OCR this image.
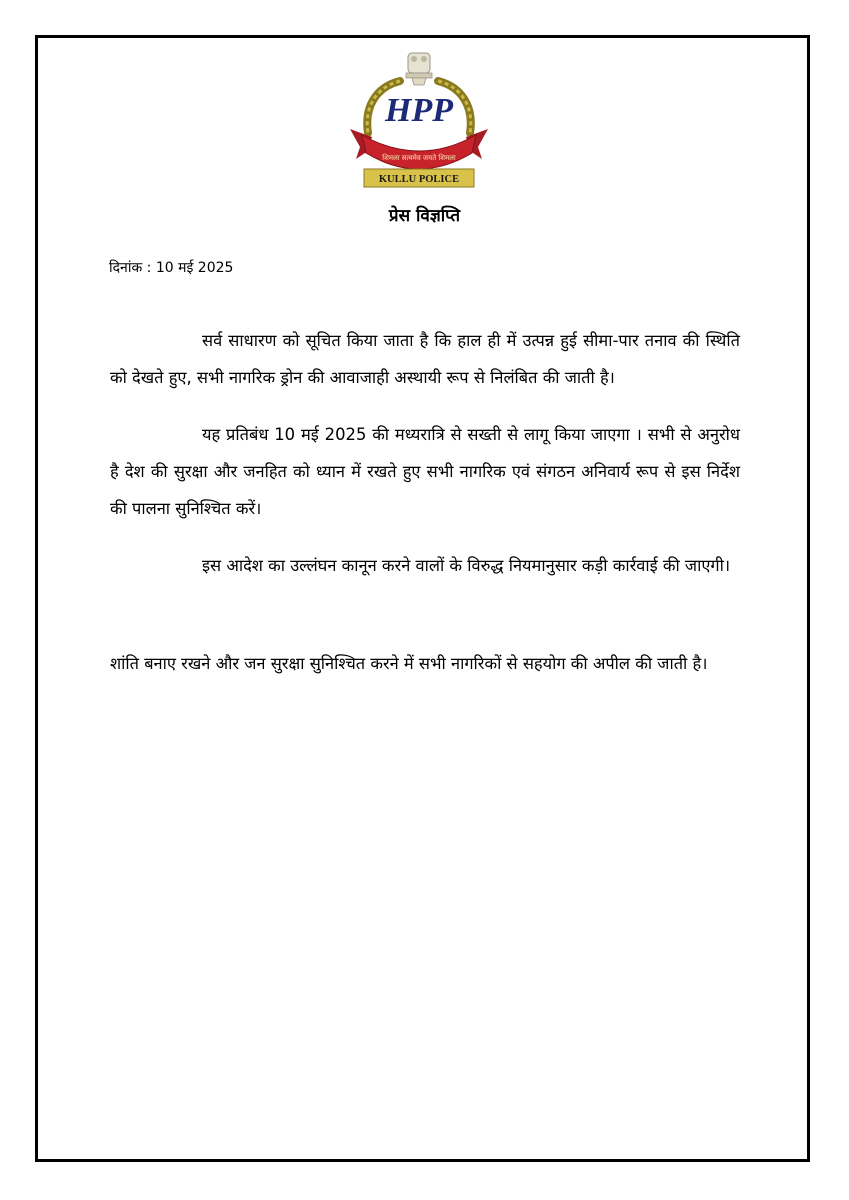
HPP
शिमला सत्यमेव जयते शिमला
KULLU POLICE
प्रेस विज्ञप्ति

दिनांक : 10 मई 2025

सर्व साधारण को सूचित किया जाता है कि हाल ही में उत्पन्न हुई सीमा-पार तनाव की स्थिति को देखते हुए, सभी नागरिक ड्रोन की आवाजाही अस्थायी रूप से निलंबित की जाती है।

यह प्रतिबंध 10 मई 2025 की मध्यरात्रि से सख्ती से लागू किया जाएगा । सभी से अनुरोध है देश की सुरक्षा और जनहित को ध्यान में रखते हुए सभी नागरिक एवं संगठन अनिवार्य रूप से इस निर्देश की पालना सुनिश्चित करें।

इस आदेश का उल्लंघन कानून करने वालों के विरुद्ध नियमानुसार कड़ी कार्रवाई की जाएगी।

शांति बनाए रखने और जन सुरक्षा सुनिश्चित करने में सभी नागरिकों से सहयोग की अपील की जाती है।
